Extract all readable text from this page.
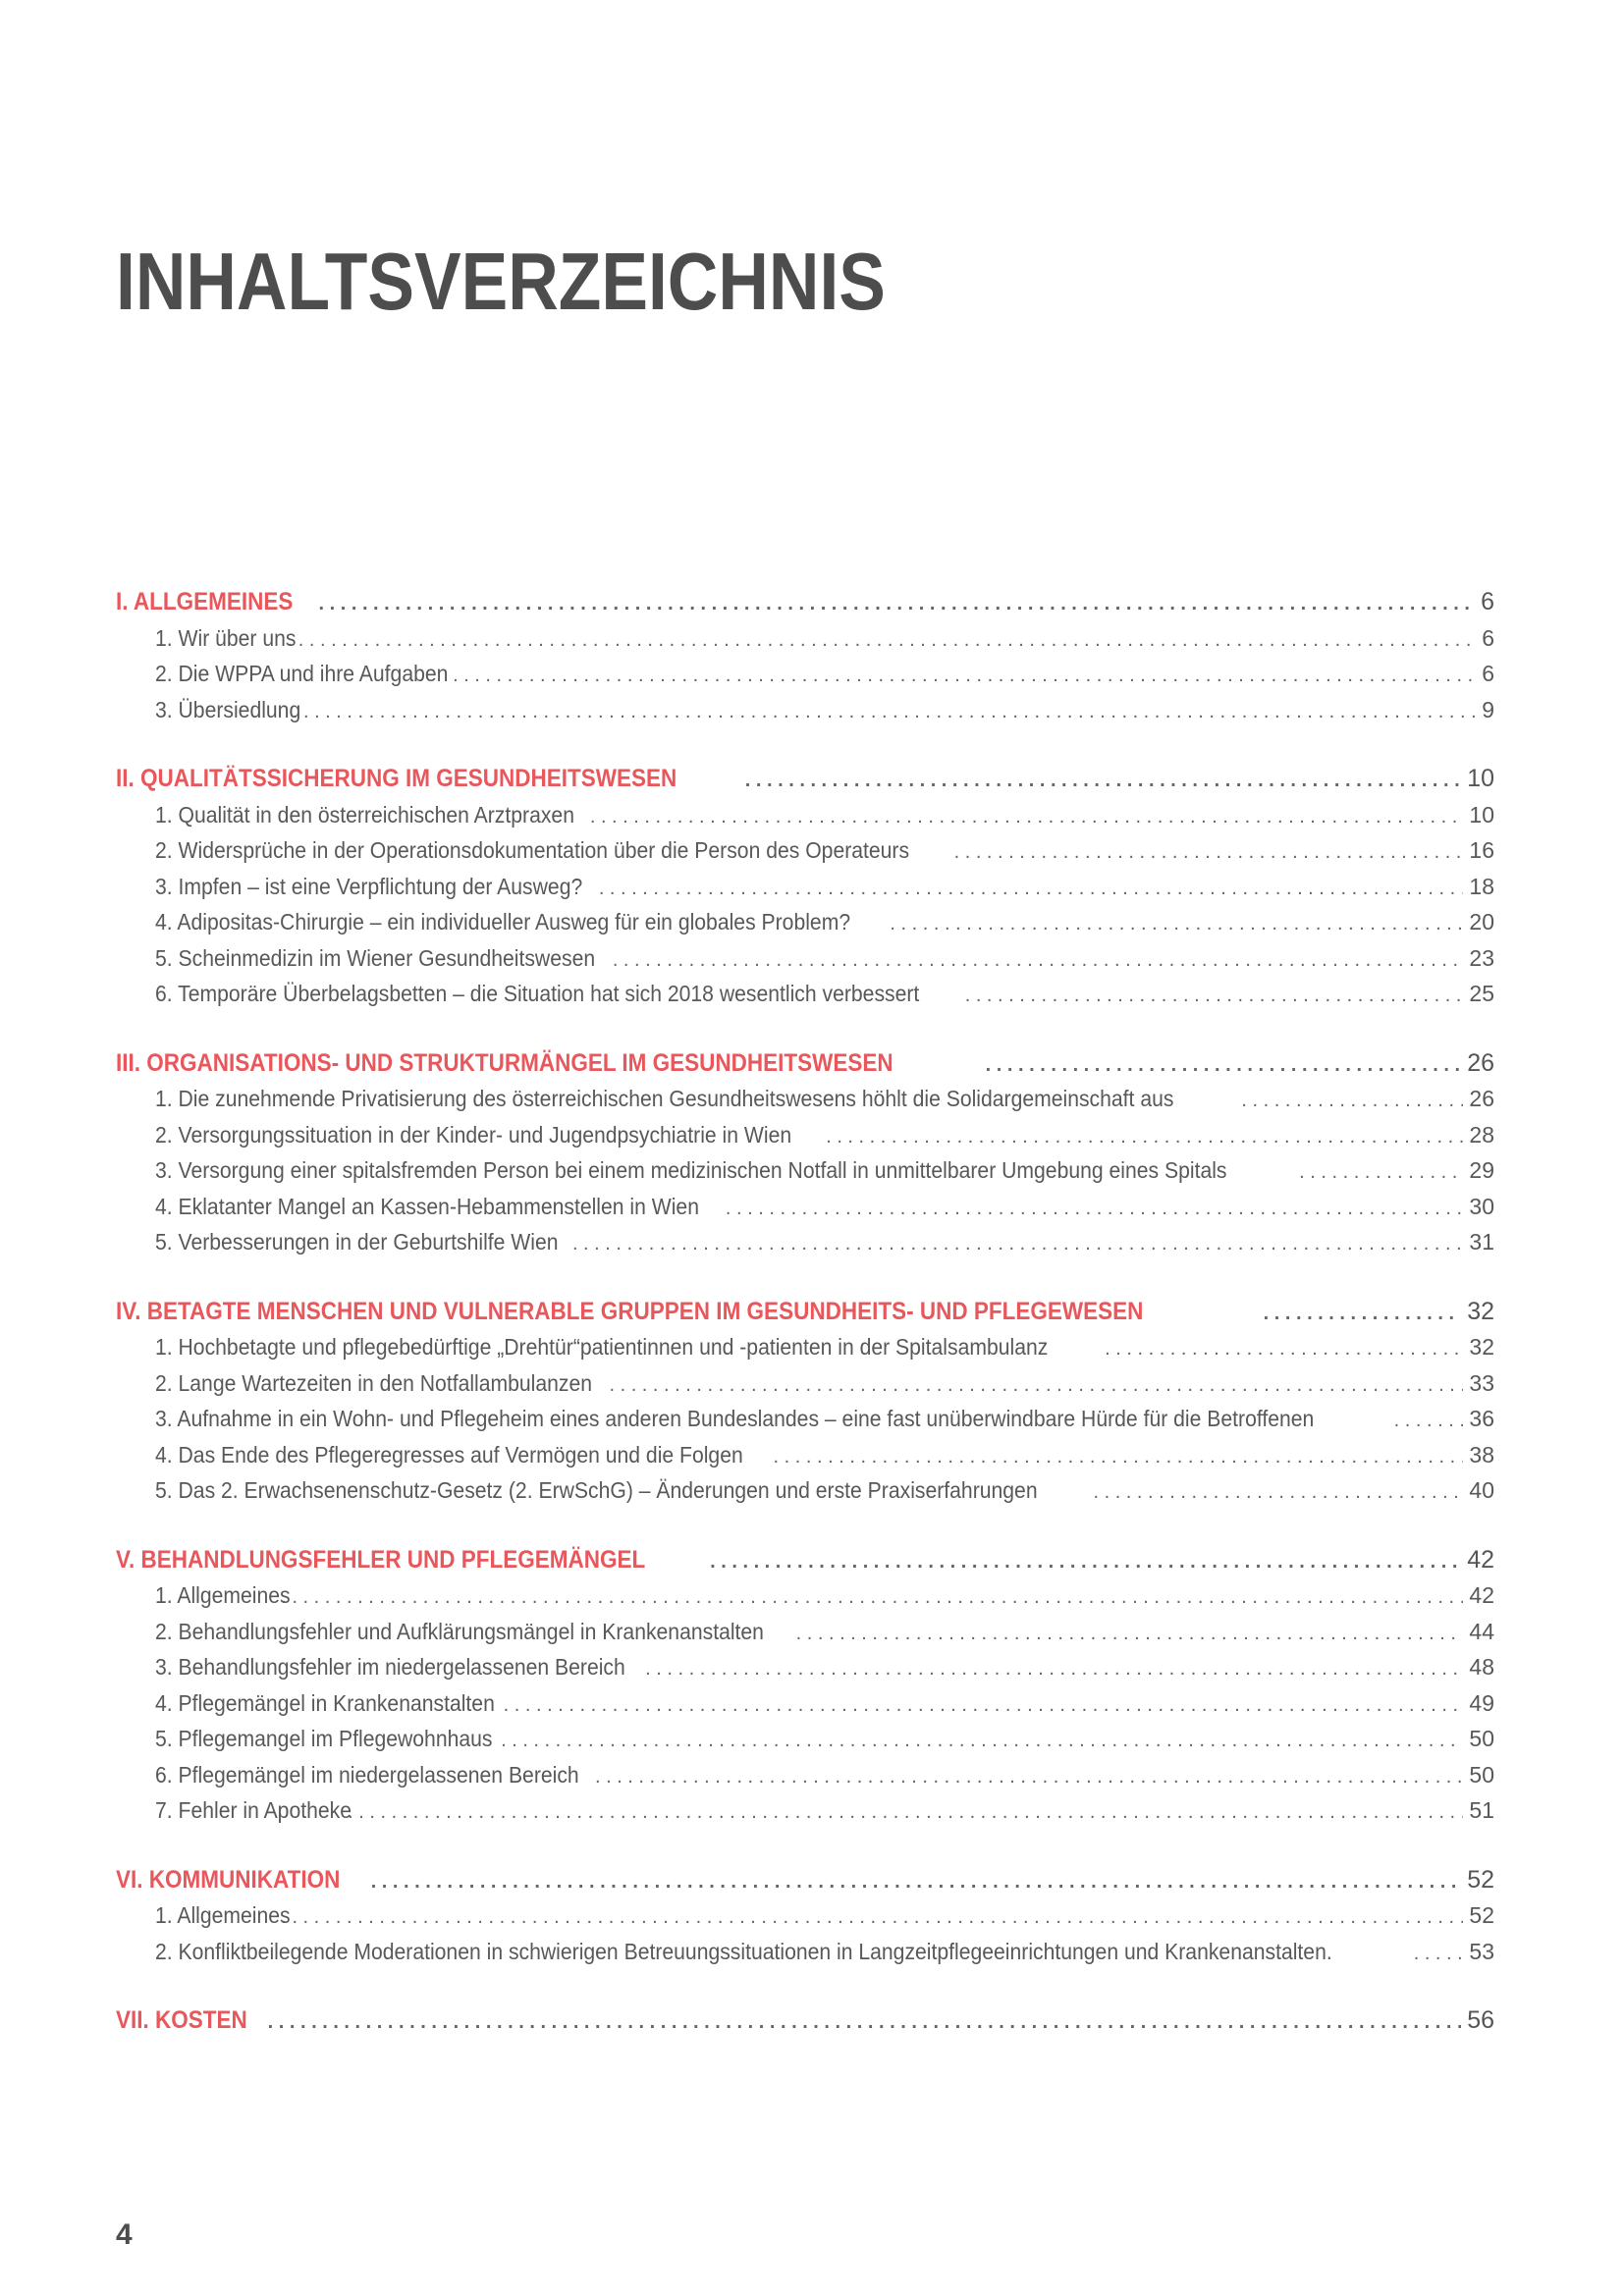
INHALTSVERZEICHNIS
I. ALLGEMEINES . . .	6
1. Wir über uns . . .	6
2. Die WPPA und ihre Aufgaben . . .	6
3. Übersiedlung . . .	9
II. QUALITÄTSSICHERUNG IM GESUNDHEITSWESEN . . .	10
1. Qualität in den österreichischen Arztpraxen . . .	10
2. Widersprüche in der Operationsdokumentation über die Person des Operateurs . . .	16
3. Impfen – ist eine Verpflichtung der Ausweg? . . .	18
4. Adipositas-Chirurgie – ein individueller Ausweg für ein globales Problem? . . .	20
5. Scheinmedizin im Wiener Gesundheitswesen . . .	23
6. Temporäre Überbelagsbetten – die Situation hat sich 2018 wesentlich verbessert . . .	25
III. ORGANISATIONS- UND STRUKTURMÄNGEL IM GESUNDHEITSWESEN . . .	26
1. Die zunehmende Privatisierung des österreichischen Gesundheitswesens höhlt die Solidargemeinschaft aus . . .	26
2. Versorgungssituation in der Kinder- und Jugendpsychiatrie in Wien . . .	28
3. Versorgung einer spitalsfremden Person bei einem medizinischen Notfall in unmittelbarer Umgebung eines Spitals . . .	29
4. Eklatanter Mangel an Kassen-Hebammenstellen in Wien . . .	30
5. Verbesserungen in der Geburtshilfe Wien . . .	31
IV. BETAGTE MENSCHEN UND VULNERABLE GRUPPEN IM GESUNDHEITS- UND PFLEGEWESEN . . .	32
1. Hochbetagte und pflegebedürftige „Drehtür“patientinnen und -patienten in der Spitalsambulanz . . .	32
2. Lange Wartezeiten in den Notfallambulanzen . . .	33
3. Aufnahme in ein Wohn- und Pflegeheim eines anderen Bundeslandes – eine fast unüberwindbare Hürde für die Betroffenen . . .	36
4. Das Ende des Pflegeregresses auf Vermögen und die Folgen . . .	38
5. Das 2. Erwachsenenschutz-Gesetz (2. ErwSchG) – Änderungen und erste Praxiserfahrungen . . .	40
V. BEHANDLUNGSFEHLER UND PFLEGEMÄNGEL . . .	42
1. Allgemeines . . .	42
2. Behandlungsfehler und Aufklärungsmängel in Krankenanstalten . . .	44
3. Behandlungsfehler im niedergelassenen Bereich . . .	48
4. Pflegemängel in Krankenanstalten . . .	49
5. Pflegemangel im Pflegewohnhaus . . .	50
6. Pflegemängel im niedergelassenen Bereich . . .	50
7. Fehler in Apotheke . . .	51
VI. KOMMUNIKATION . . .	52
1. Allgemeines . . .	52
2. Konfliktbeilegende Moderationen in schwierigen Betreuungssituationen in Langzeitpflegeeinrichtungen und Krankenanstalten. . . .	53
VII. KOSTEN . . .	56
4
